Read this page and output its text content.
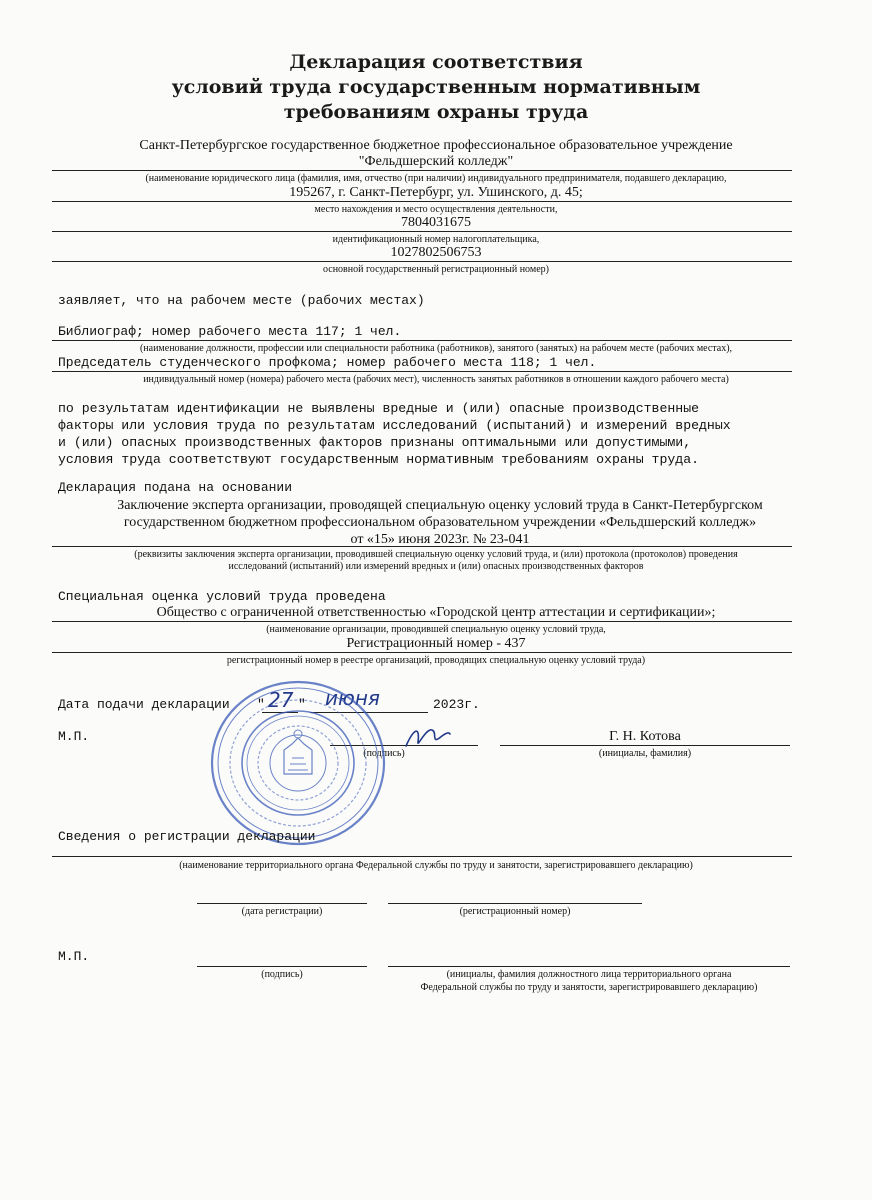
Декларация соответствия
условий труда государственным нормативным
требованиям охраны труда
Санкт-Петербургское государственное бюджетное профессиональное образовательное учреждение
"Фельдшерский колледж"
(наименование юридического лица (фамилия, имя, отчество (при наличии) индивидуального предпринимателя, подавшего декларацию,
195267, г. Санкт-Петербург, ул. Ушинского, д. 45;
место нахождения и место осуществления деятельности,
7804031675
идентификационный номер налогоплательщика,
1027802506753
основной государственный регистрационный номер)
заявляет, что на рабочем месте (рабочих местах)
Библиограф; номер рабочего места 117; 1 чел.
(наименование должности, профессии или специальности работника (работников), занятого (занятых) на рабочем месте (рабочих местах),
Председатель студенческого профкома; номер рабочего места 118; 1 чел.
индивидуальный номер (номера) рабочего места (рабочих мест), численность занятых работников в отношении каждого рабочего места)
по результатам идентификации не выявлены вредные и (или) опасные производственные
факторы или условия труда по результатам исследований (испытаний) и измерений вредных
и (или) опасных производственных факторов признаны оптимальными или допустимыми,
условия труда соответствуют государственным нормативным требованиям охраны труда.
Декларация подана на основании
Заключение эксперта организации, проводящей специальную оценку условий труда в Санкт-Петербургском
государственном бюджетном профессиональном образовательном учреждении «Фельдшерский колледж»
от «15» июня 2023г. № 23-041
(реквизиты заключения эксперта организации, проводившей специальную оценку условий труда, и (или) протокола (протоколов) проведения
исследований (испытаний) или измерений вредных и (или) опасных производственных факторов
Специальная оценка условий труда проведена
Общество с ограниченной ответственностью «Городской центр аттестации и сертификации»;
(наименование организации, проводившей специальную оценку условий труда,
Регистрационный номер - 437
регистрационный номер в реестре организаций, проводящих специальную оценку условий труда)
Дата подачи декларации " 27 " июня	2023г.
М.П.
(подпись)
Г. Н. Котова
(инициалы, фамилия)
Сведения о регистрации декларации
(наименование территориального органа Федеральной службы по труду и занятости, зарегистрировавшего декларацию)
(дата регистрации)	(регистрационный номер)
М.П.
(подпись)	(инициалы, фамилия должностного лица территориального органа
Федеральной службы по труду и занятости, зарегистрировавшего декларацию)
